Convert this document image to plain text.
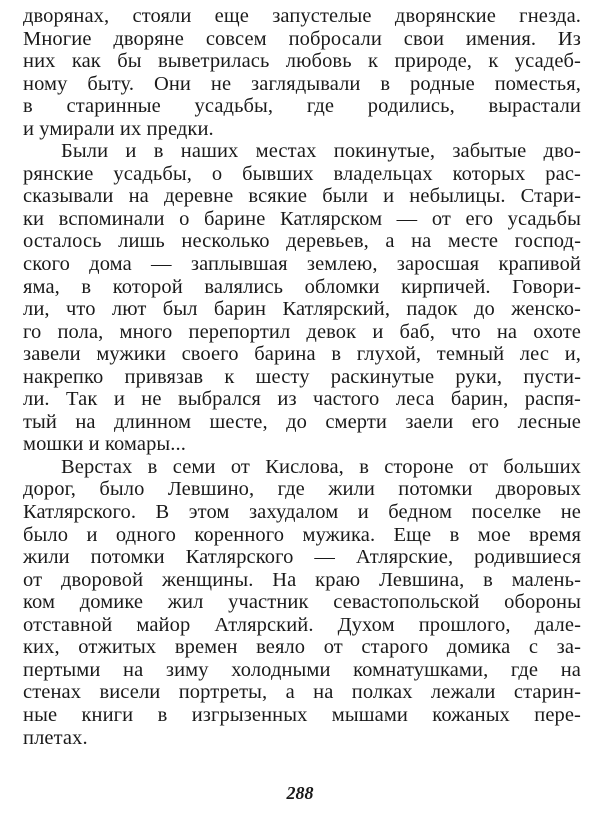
дворянах, стояли еще запустелые дворянские гнезда.
Многие дворяне совсем побросали свои имения. Из
них как бы выветрилась любовь к природе, к усадеб-
ному быту. Они не заглядывали в родные поместья,
в старинные усадьбы, где родились, вырастали
и умирали их предки.
Были и в наших местах покинутые, забытые дво-
рянские усадьбы, о бывших владельцах которых рас-
сказывали на деревне всякие были и небылицы. Стари-
ки вспоминали о барине Катлярском — от его усадьбы
осталось лишь несколько деревьев, а на месте господ-
ского дома — заплывшая землею, заросшая крапивой
яма, в которой валялись обломки кирпичей. Говори-
ли, что лют был барин Катлярский, падок до женско-
го пола, много перепортил девок и баб, что на охоте
завели мужики своего барина в глухой, темный лес и,
накрепко привязав к шесту раскинутые руки, пусти-
ли. Так и не выбрался из частого леса барин, распя-
тый на длинном шесте, до смерти заели его лесные
мошки и комары...
Верстах в семи от Кислова, в стороне от больших
дорог, было Левшино, где жили потомки дворовых
Катлярского. В этом захудалом и бедном поселке не
было и одного коренного мужика. Еще в мое время
жили потомки Катлярского — Атлярские, родившиеся
от дворовой женщины. На краю Левшина, в малень-
ком домике жил участник севастопольской обороны
отставной майор Атлярский. Духом прошлого, дале-
ких, отжитых времен веяло от старого домика с за-
пертыми на зиму холодными комнатушками, где на
стенах висели портреты, а на полках лежали старин-
ные книги в изгрызенных мышами кожаных пере-
плетах.
288
